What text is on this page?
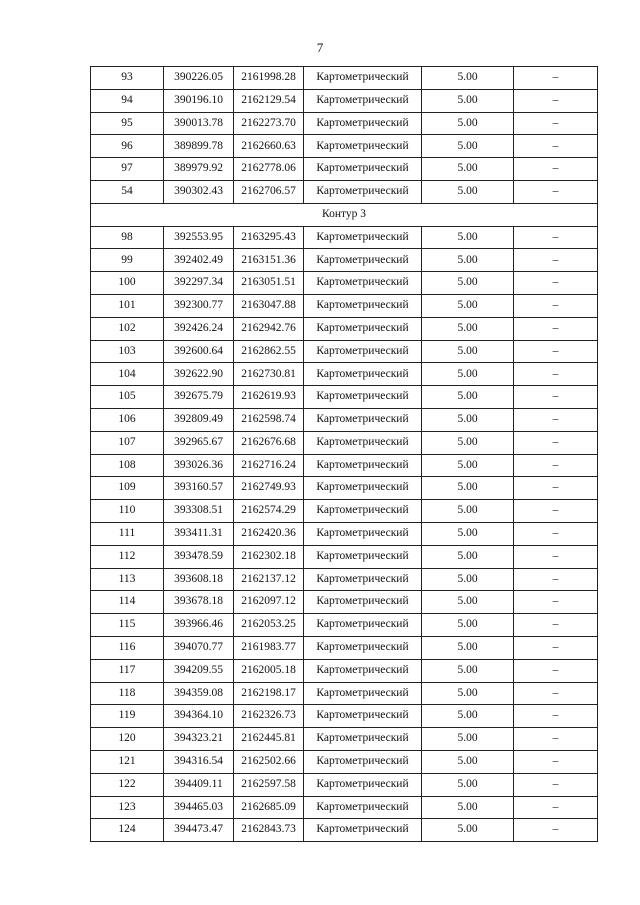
7
93	390226.05	2161998.28	Картометрический	5.00	–
94	390196.10	2162129.54	Картометрический	5.00	–
95	390013.78	2162273.70	Картометрический	5.00	–
96	389899.78	2162660.63	Картометрический	5.00	–
97	389979.92	2162778.06	Картометрический	5.00	–
54	390302.43	2162706.57	Картометрический	5.00	–
Контур 3					
98	392553.95	2163295.43	Картометрический	5.00	–
99	392402.49	2163151.36	Картометрический	5.00	–
100	392297.34	2163051.51	Картометрический	5.00	–
101	392300.77	2163047.88	Картометрический	5.00	–
102	392426.24	2162942.76	Картометрический	5.00	–
103	392600.64	2162862.55	Картометрический	5.00	–
104	392622.90	2162730.81	Картометрический	5.00	–
105	392675.79	2162619.93	Картометрический	5.00	–
106	392809.49	2162598.74	Картометрический	5.00	–
107	392965.67	2162676.68	Картометрический	5.00	–
108	393026.36	2162716.24	Картометрический	5.00	–
109	393160.57	2162749.93	Картометрический	5.00	–
110	393308.51	2162574.29	Картометрический	5.00	–
111	393411.31	2162420.36	Картометрический	5.00	–
112	393478.59	2162302.18	Картометрический	5.00	–
113	393608.18	2162137.12	Картометрический	5.00	–
114	393678.18	2162097.12	Картометрический	5.00	–
115	393966.46	2162053.25	Картометрический	5.00	–
116	394070.77	2161983.77	Картометрический	5.00	–
117	394209.55	2162005.18	Картометрический	5.00	–
118	394359.08	2162198.17	Картометрический	5.00	–
119	394364.10	2162326.73	Картометрический	5.00	–
120	394323.21	2162445.81	Картометрический	5.00	–
121	394316.54	2162502.66	Картометрический	5.00	–
122	394409.11	2162597.58	Картометрический	5.00	–
123	394465.03	2162685.09	Картометрический	5.00	–
124	394473.47	2162843.73	Картометрический	5.00	–
